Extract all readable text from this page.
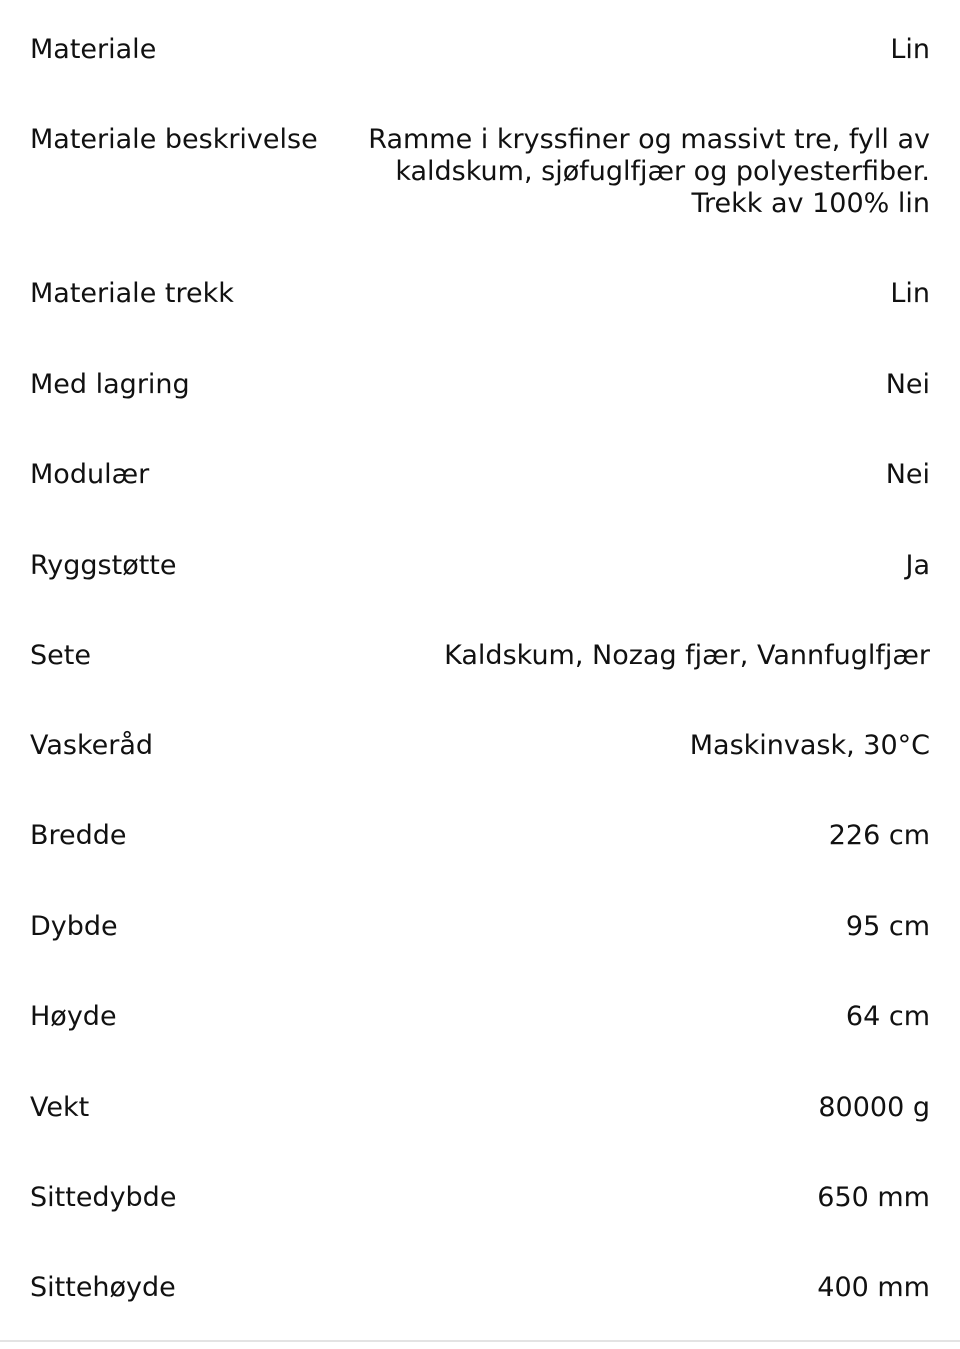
Materiale	Lin
Materiale beskrivelse	Ramme i kryssfiner og massivt tre, fyll av kaldskum, sjøfuglfjær og polyesterfiber. Trekk av 100% lin
Materiale trekk	Lin
Med lagring	Nei
Modulær	Nei
Ryggstøtte	Ja
Sete	Kaldskum, Nozag fjær, Vannfuglfjær
Vaskeråd	Maskinvask, 30°C
Bredde	226 cm
Dybde	95 cm
Høyde	64 cm
Vekt	80000 g
Sittedybde	650 mm
Sittehøyde	400 mm
